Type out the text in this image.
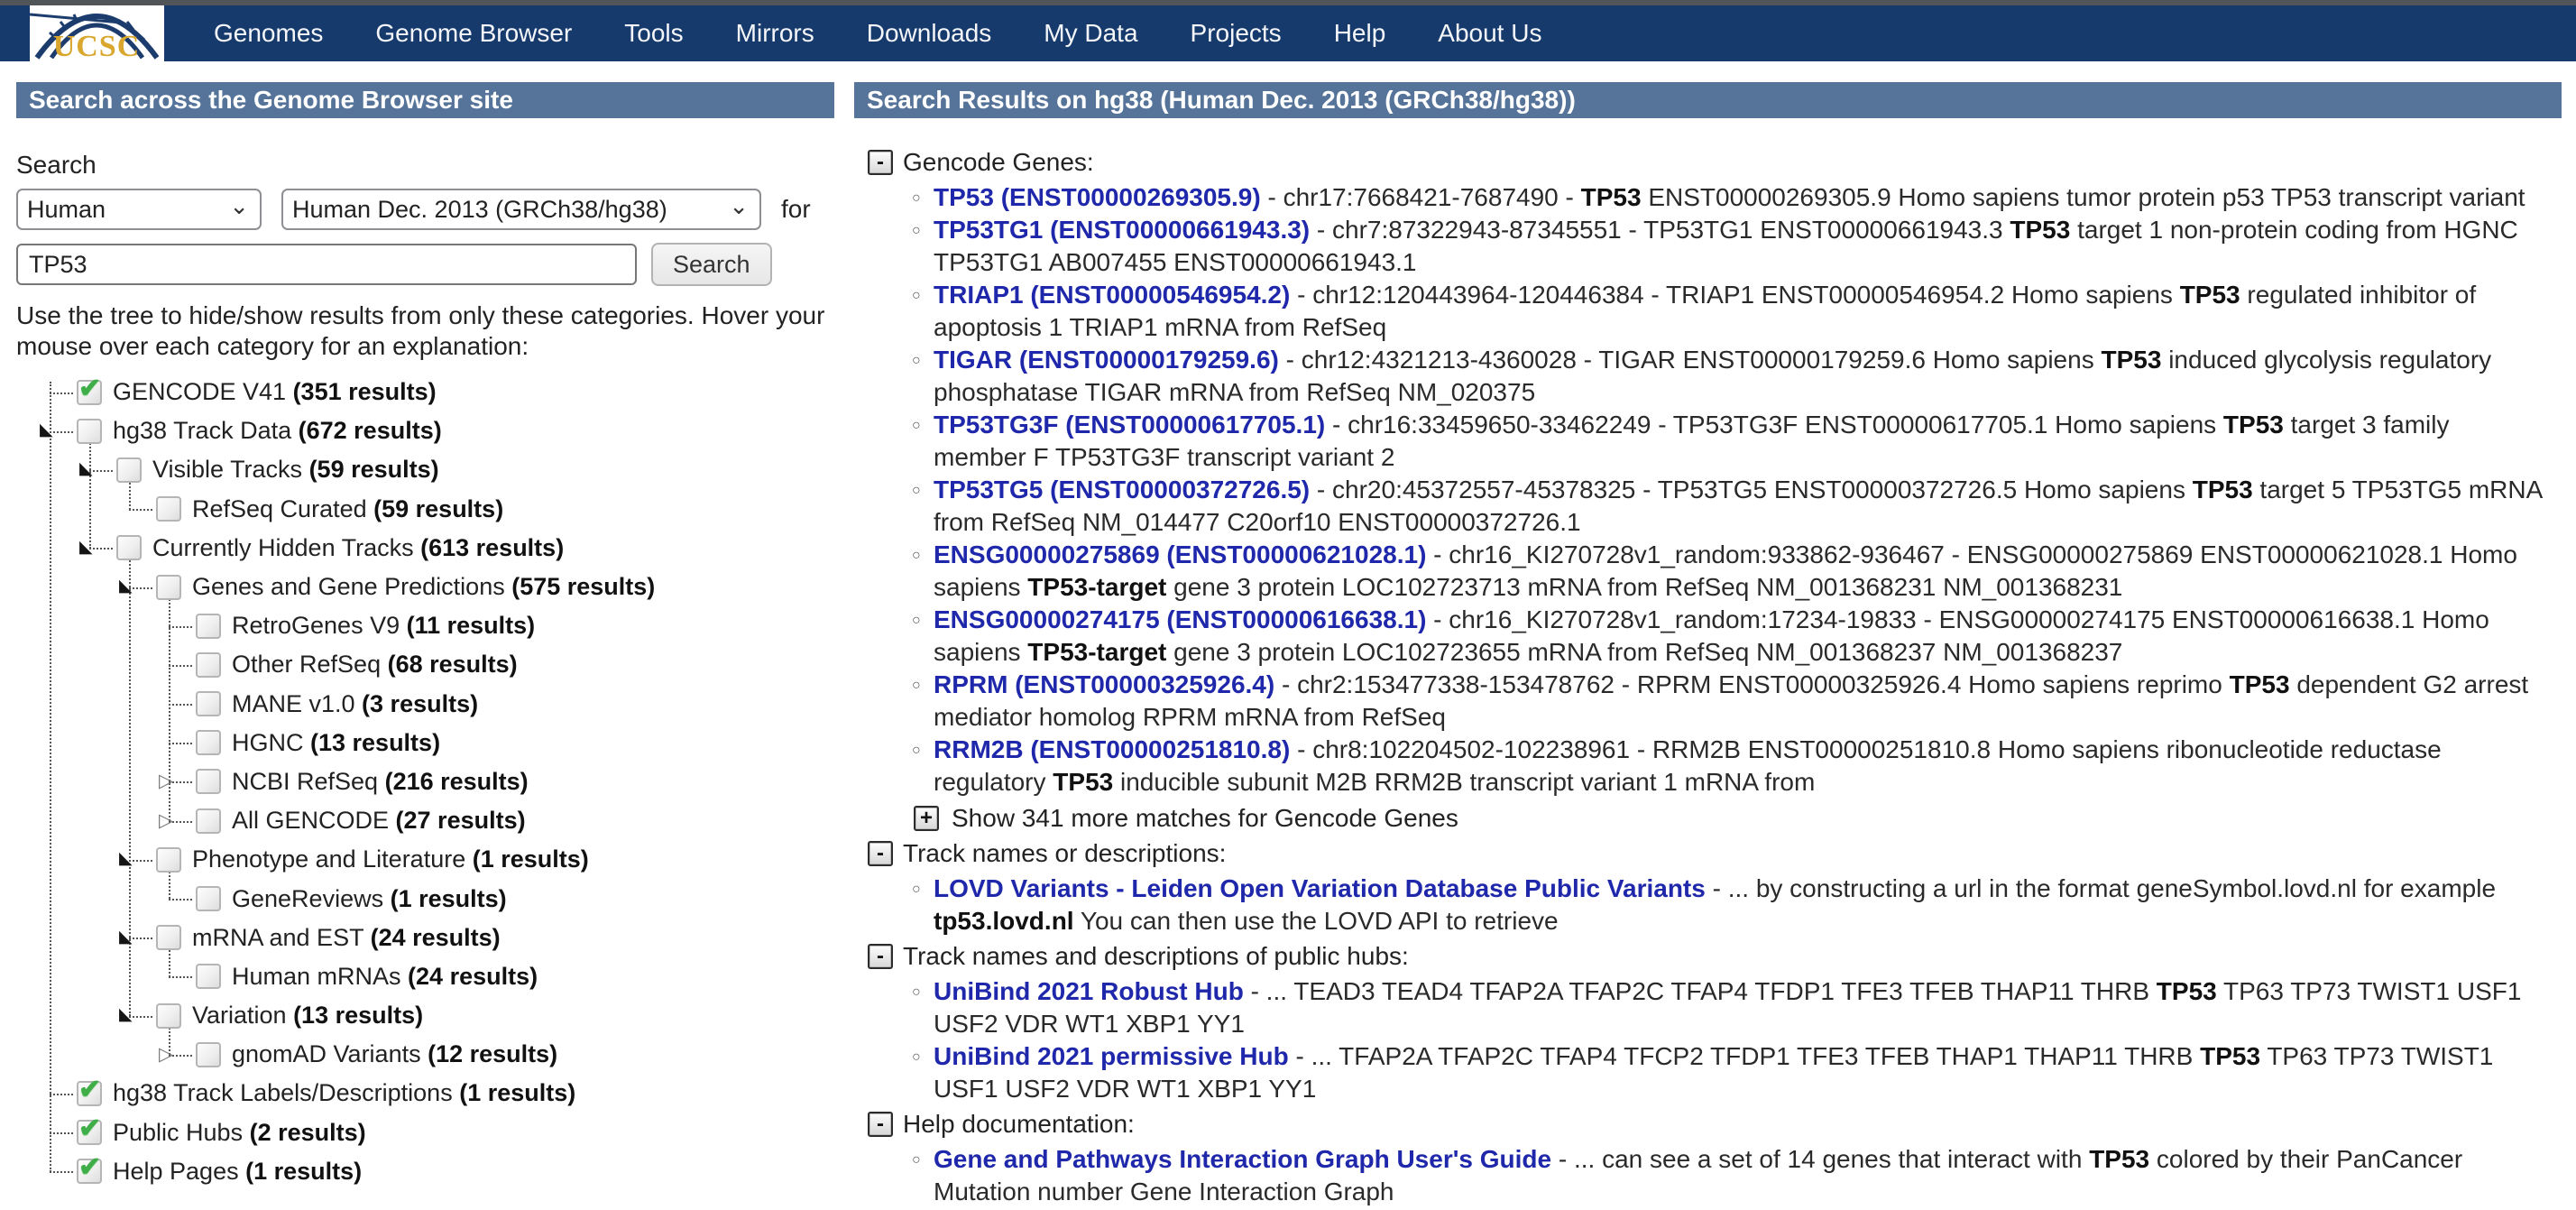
UCSC	Genomes Genome Browser Tools Mirrors Downloads My Data Projects Help About Us
Search across the Genome Browser site
Search
Human
⌄
Human Dec. 2013 (GRCh38/hg38)	⌄ for
TP53
Search

Use the tree to hide/show results from only these categories. Hover your mouse over each category for an explanation:

✔ GENCODE V41 (351 results)
◣ hg38 Track Data (672 results)
◣ Visible Tracks (59 results)
RefSeq Curated (59 results)
◣ Currently Hidden Tracks (613 results)
◣ Genes and Gene Predictions (575 results)
RetroGenes V9 (11 results)
Other RefSeq (68 results)
MANE v1.0 (3 results)
HGNC (13 results)
▷ NCBI RefSeq (216 results)
▷ All GENCODE (27 results)
◣ Phenotype and Literature (1 results)
GeneReviews (1 results)
◣ mRNA and EST (24 results)
Human mRNAs (24 results)
◣ Variation (13 results)
▷ gnomAD Variants (12 results)
✔ hg38 Track Labels/Descriptions (1 results)
✔ Public Hubs (2 results)
✔ Help Pages (1 results)
Search Results on hg38 (Human Dec. 2013 (GRCh38/hg38))
- Gencode Genes:
○ TP53 (ENST00000269305.9) - chr17:7668421-7687490 - TP53 ENST00000269305.9 Homo sapiens tumor protein p53 TP53 transcript variant
○ TP53TG1 (ENST00000661943.3) - chr7:87322943-87345551 - TP53TG1 ENST00000661943.3 TP53 target 1 non-protein coding from HGNC TP53TG1 AB007455 ENST00000661943.1
○ TRIAP1 (ENST00000546954.2) - chr12:120443964-120446384 - TRIAP1 ENST00000546954.2 Homo sapiens TP53 regulated inhibitor of apoptosis 1 TRIAP1 mRNA from RefSeq
○ TIGAR (ENST00000179259.6) - chr12:4321213-4360028 - TIGAR ENST00000179259.6 Homo sapiens TP53 induced glycolysis regulatory phosphatase TIGAR mRNA from RefSeq NM_020375
○ TP53TG3F (ENST00000617705.1) - chr16:33459650-33462249 - TP53TG3F ENST00000617705.1 Homo sapiens TP53 target 3 family member F TP53TG3F transcript variant 2
○ TP53TG5 (ENST00000372726.5) - chr20:45372557-45378325 - TP53TG5 ENST00000372726.5 Homo sapiens TP53 target 5 TP53TG5 mRNA from RefSeq NM_014477 C20orf10 ENST00000372726.1
○ ENSG00000275869 (ENST00000621028.1) - chr16_KI270728v1_random:933862-936467 - ENSG00000275869 ENST00000621028.1 Homo sapiens TP53-target gene 3 protein LOC102723713 mRNA from RefSeq NM_001368231 NM_001368231
○ ENSG00000274175 (ENST00000616638.1) - chr16_KI270728v1_random:17234-19833 - ENSG00000274175 ENST00000616638.1 Homo sapiens TP53-target gene 3 protein LOC102723655 mRNA from RefSeq NM_001368237 NM_001368237
○ RPRM (ENST00000325926.4) - chr2:153477338-153478762 - RPRM ENST00000325926.4 Homo sapiens reprimo TP53 dependent G2 arrest mediator homolog RPRM mRNA from RefSeq
○ RRM2B (ENST00000251810.8) - chr8:102204502-102238961 - RRM2B ENST00000251810.8 Homo sapiens ribonucleotide reductase regulatory TP53 inducible subunit M2B RRM2B transcript variant 1 mRNA from
+ Show 341 more matches for Gencode Genes
- Track names or descriptions:
○ LOVD Variants - Leiden Open Variation Database Public Variants - ... by constructing a url in the format geneSymbol.lovd.nl for example tp53.lovd.nl You can then use the LOVD API to retrieve
- Track names and descriptions of public hubs:
○ UniBind 2021 Robust Hub - ... TEAD3 TEAD4 TFAP2A TFAP2C TFAP4 TFDP1 TFE3 TFEB THAP11 THRB TP53 TP63 TP73 TWIST1 USF1 USF2 VDR WT1 XBP1 YY1
○ UniBind 2021 permissive Hub - ... TFAP2A TFAP2C TFAP4 TFCP2 TFDP1 TFE3 TFEB THAP1 THAP11 THRB TP53 TP63 TP73 TWIST1 USF1 USF2 VDR WT1 XBP1 YY1
- Help documentation:
○ Gene and Pathways Interaction Graph User's Guide - ... can see a set of 14 genes that interact with TP53 colored by their PanCancer Mutation number Gene Interaction Graph
